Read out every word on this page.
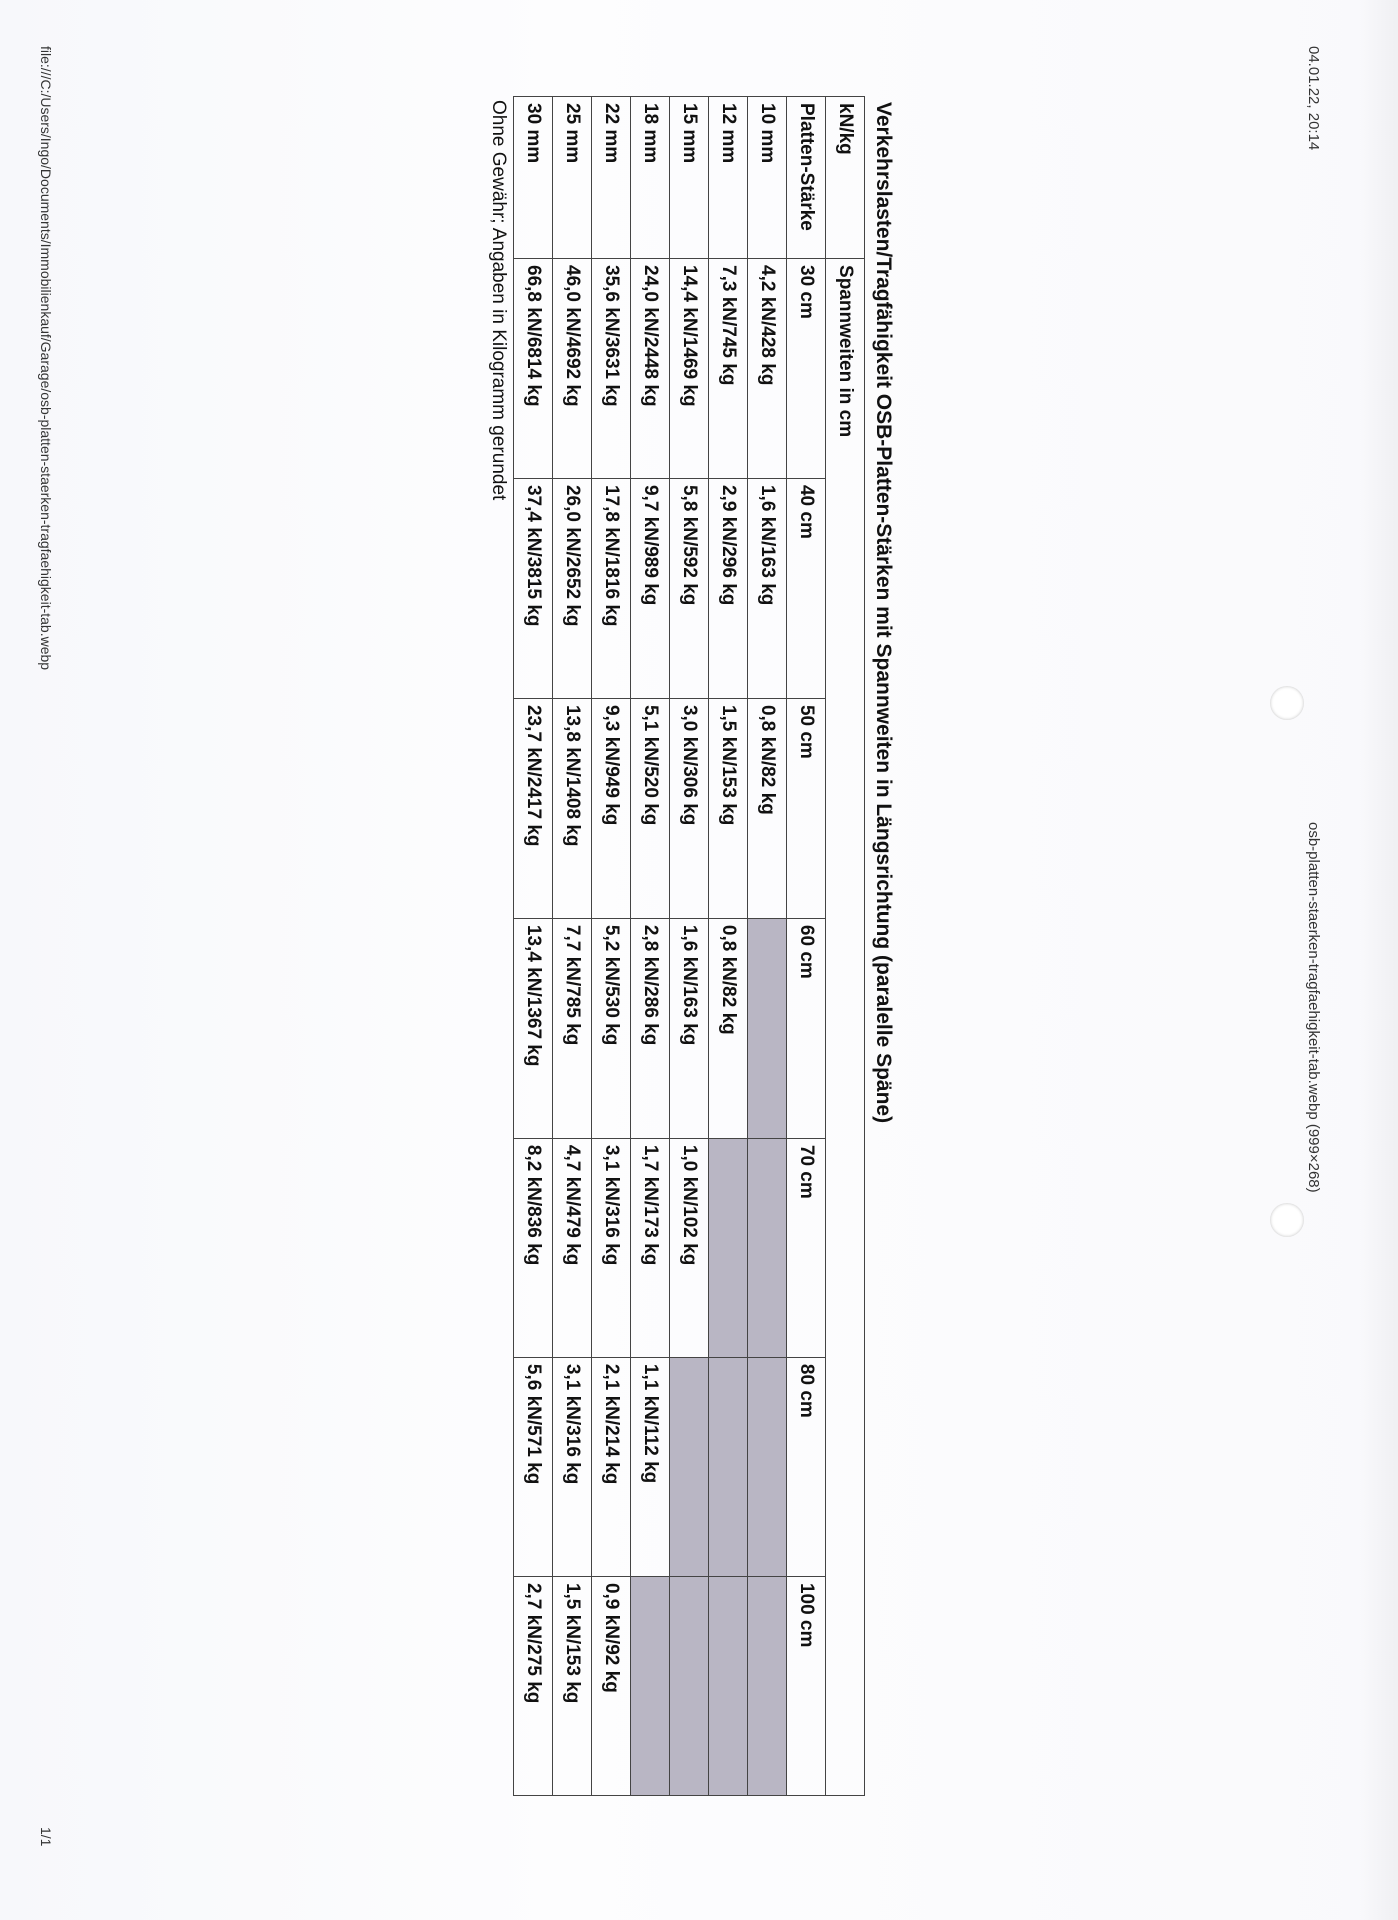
04.01.22, 20:14
osb-platten-staerken-tragfaehigkeit-tab.webp (999×268)
file:///C:/Users/Ingo/Documents/Immobilienkauf/Garage/osb-platten-staerken-tragfaehigkeit-tab.webp
1/1
Verkehrslasten/Tragfähigkeit OSB-Platten-Stärken mit Spannweiten in Längsrichtung (paralelle Späne)
kN/kg	Spannweiten in cm						
Platten-Stärke	30 cm	40 cm	50 cm	60 cm	70 cm	80 cm	100 cm
10 mm	4,2 kN/428 kg	1,6 kN/163 kg	0,8 kN/82 kg				
12 mm	7,3 kN/745 kg	2,9 kN/296 kg	1,5 kN/153 kg	0,8 kN/82 kg			
15 mm	14,4 kN/1469 kg	5,8 kN/592 kg	3,0 kN/306 kg	1,6 kN/163 kg	1,0 kN/102 kg		
18 mm	24,0 kN/2448 kg	9,7 kN/989 kg	5,1 kN/520 kg	2,8 kN/286 kg	1,7 kN/173 kg	1,1 kN/112 kg	
22 mm	35,6 kN/3631 kg	17,8 kN/1816 kg	9,3 kN/949 kg	5,2 kN/530 kg	3,1 kN/316 kg	2,1 kN/214 kg	0,9 kN/92 kg
25 mm	46,0 kN/4692 kg	26,0 kN/2652 kg	13,8 kN/1408 kg	7,7 kN/785 kg	4,7 kN/479 kg	3,1 kN/316 kg	1,5 kN/153 kg
30 mm	66,8 kN/6814 kg	37,4 kN/3815 kg	23,7 kN/2417 kg	13,4 kN/1367 kg	8,2 kN/836 kg	5,6 kN/571 kg	2,7 kN/275 kg
Ohne Gewähr; Angaben in Kilogramm gerundet
